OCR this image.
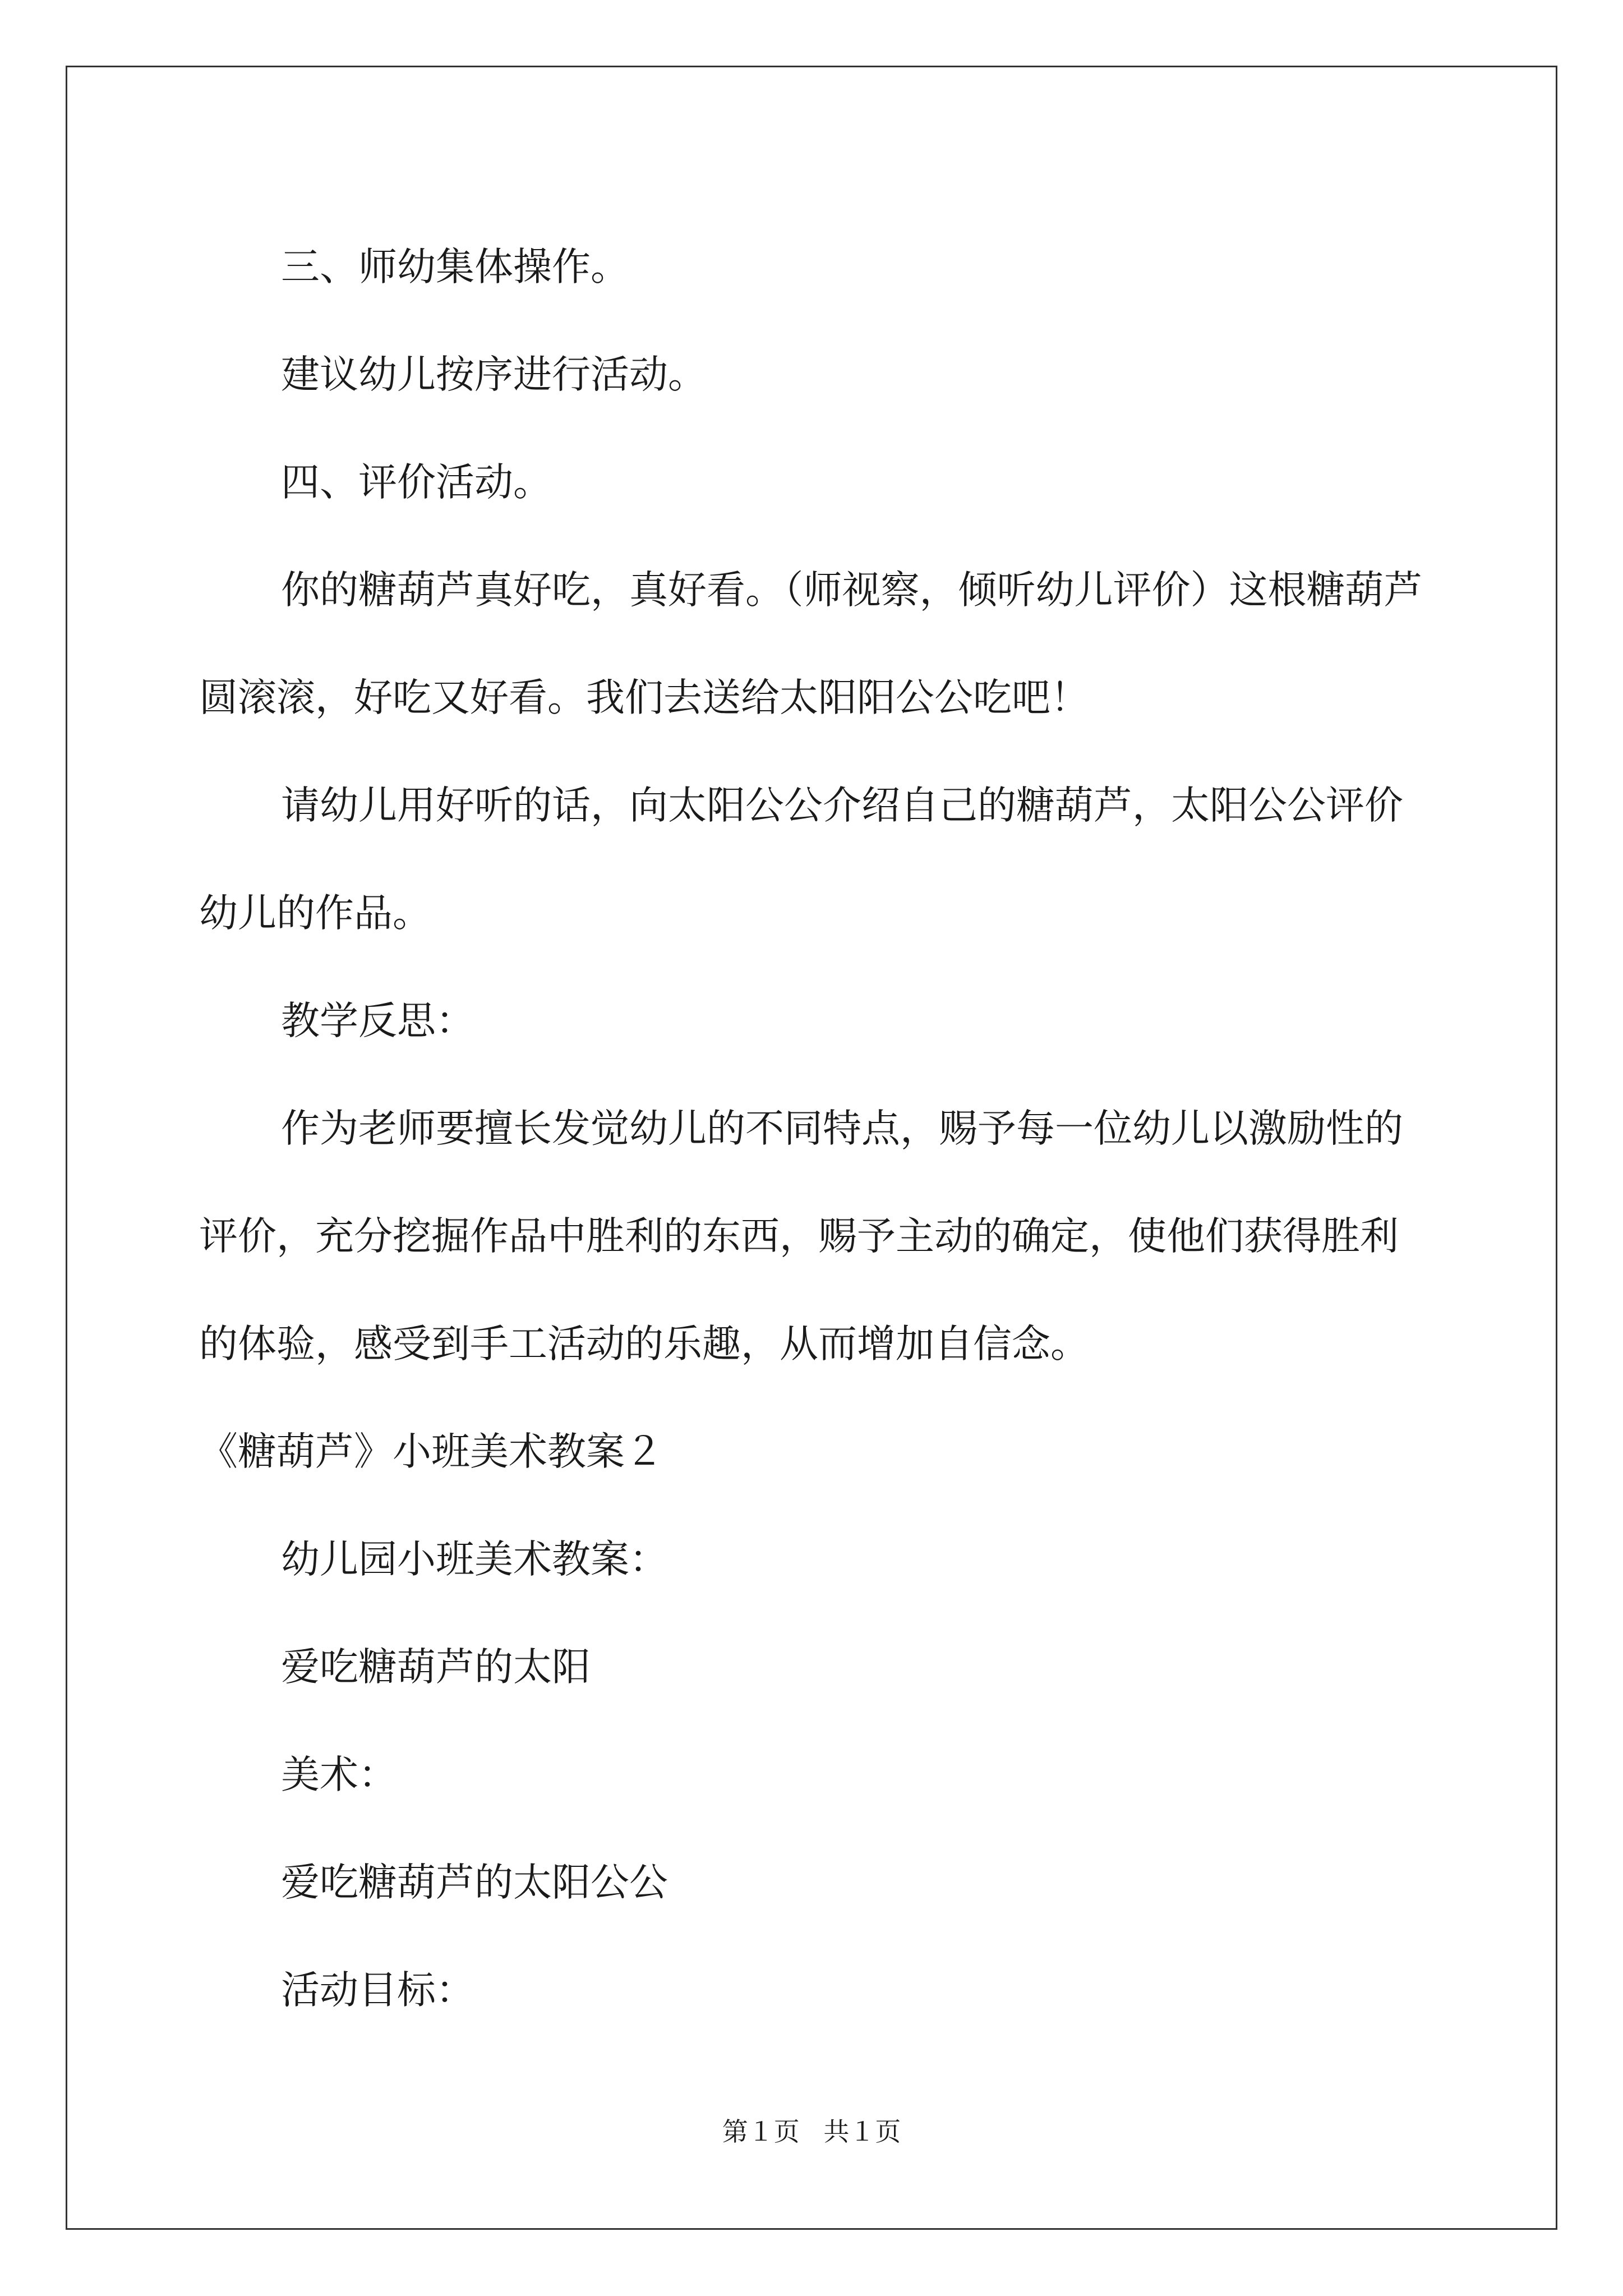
三、师幼集体操作。

建议幼儿按序进行活动。

四、评价活动。

你的糖葫芦真好吃，真好看。（师视察，倾听幼儿评价）这根糖葫芦圆滚滚，好吃又好看。我们去送给太阳阳公公吃吧！

请幼儿用好听的话，向太阳公公介绍自己的糖葫芦，太阳公公评价幼儿的作品。

教学反思：

作为老师要擅长发觉幼儿的不同特点，赐予每一位幼儿以激励性的评价，充分挖掘作品中胜利的东西，赐予主动的确定，使他们获得胜利的体验，感受到手工活动的乐趣，从而增加自信念。

《糖葫芦》小班美术教案２

幼儿园小班美术教案：

爱吃糖葫芦的太阳

美术：

爱吃糖葫芦的太阳公公

活动目标：

第１页 共１页
